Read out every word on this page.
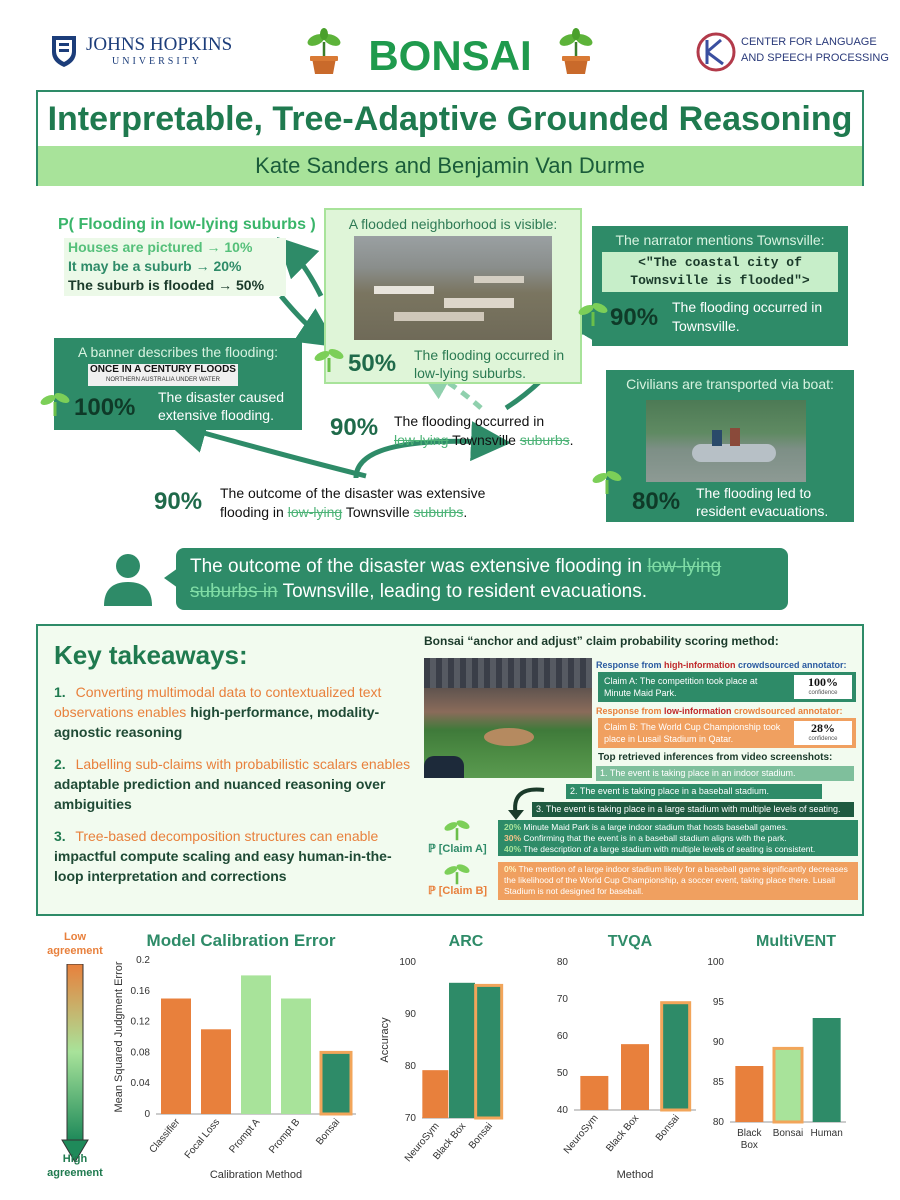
JOHNS HOPKINS
UNIVERSITY	BONSAI	CENTER FOR LANGUAGE
AND SPEECH PROCESSING
Interpretable, Tree-Adaptive Grounded Reasoning
Kate Sanders and Benjamin Van Durme
P( Flooding in low-lying suburbs )
Houses are pictured → 10%
It may be a suburb → 20%
The suburb is flooded → 50%
A flooded neighborhood is visible:
50% The flooding occurred in low-lying suburbs.
The narrator mentions Townsville:
<"The coastal city of Townsville is flooded">
90% The flooding occurred in Townsville.
A banner describes the flooding:
ONCE IN A CENTURY FLOODS
NORTHERN AUSTRALIA UNDER WATER
100% The disaster caused extensive flooding.
Civilians are transported via boat:
80% The flooding led to resident evacuations.
90% The flooding occurred in
low-lying Townsville suburbs.
90% The outcome of the disaster was extensive
flooding in low-lying Townsville suburbs.
The outcome of the disaster was extensive flooding in low-lying suburbs in Townsville, leading to resident evacuations.
Key takeaways:
1. Converting multimodal data to contextualized text observations enables high-performance, modality-agnostic reasoning
2. Labelling sub-claims with probabilistic scalars enables adaptable prediction and nuanced reasoning over ambiguities
3. Tree-based decomposition structures can enable impactful compute scaling and easy human-in-the-loop interpretation and corrections
Bonsai “anchor and adjust” claim probability scoring method:
Response from high-information crowdsourced annotator:
Claim A: The competition took place at Minute Maid Park.
100%
confidence
Response from low-information crowdsourced annotator:
Claim B: The World Cup Championship took place in Lusail Stadium in Qatar.
28%
confidence
Top retrieved inferences from video screenshots:
1. The event is taking place in an indoor stadium.
2. The event is taking place in a baseball stadium.
3. The event is taking place in a large stadium with multiple levels of seating.
ℙ [Claim A]
20% Minute Maid Park is a large indoor stadium that hosts baseball games.
30% Confirming that the event is in a baseball stadium aligns with the park.
40% The description of a large stadium with multiple levels of seating is consistent.
ℙ [Claim B]
0% The mention of a large indoor stadium likely for a baseball game significantly decreases the likelihood of the World Cup Championship, a soccer event, taking place there. Lusail Stadium is not designed for baseball.
Low agreement
High agreement
Model Calibration Error
0
0.04
0.08
0.12
0.16
0.2
Classifier Focal Loss Prompt A Prompt B Bonsai
Mean Squared Judgment Error
Calibration Method
ARC
70
80
90
100
NeuroSym
Black Box
Bonsai
Accuracy
TVQA
40
50
60
70
80
NeuroSym Black Box Bonsai
Method
MultiVENT
80
85
90
95
100
Black Box
Bonsai Human
